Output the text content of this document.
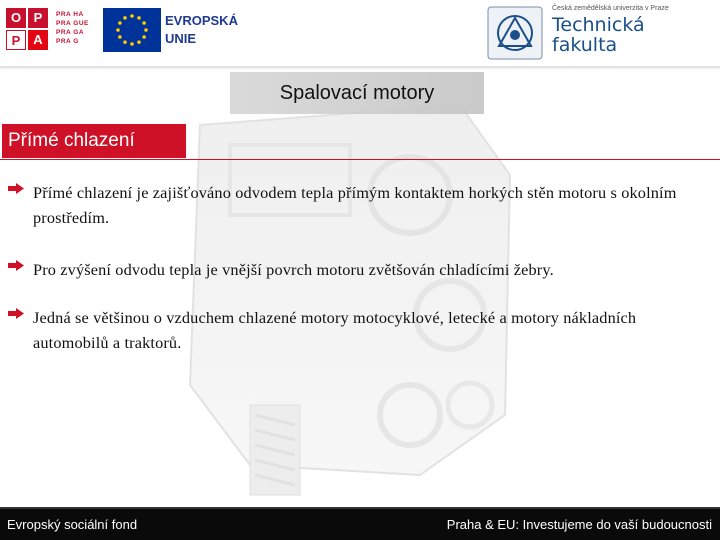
O P
P A
PRA HA
PRA GUE
PRA GA
PRA G
EVROPSKÁ
UNIE
Česká zemědělská univerzita v Praze
Technická
fakulta
Spalovací motory
Přímé chlazení
Přímé chlazení je zajišťováno odvodem tepla přímým kontaktem horkých stěn motoru s okolním prostředím.
Pro zvýšení odvodu tepla je vnější povrch motoru zvětšován chladícími žebry.
Jedná se většinou o vzduchem chlazené motory motocyklové, letecké a motory nákladních automobilů a traktorů.
Evropský sociální fond	Praha & EU: Investujeme do vaší budoucnosti
